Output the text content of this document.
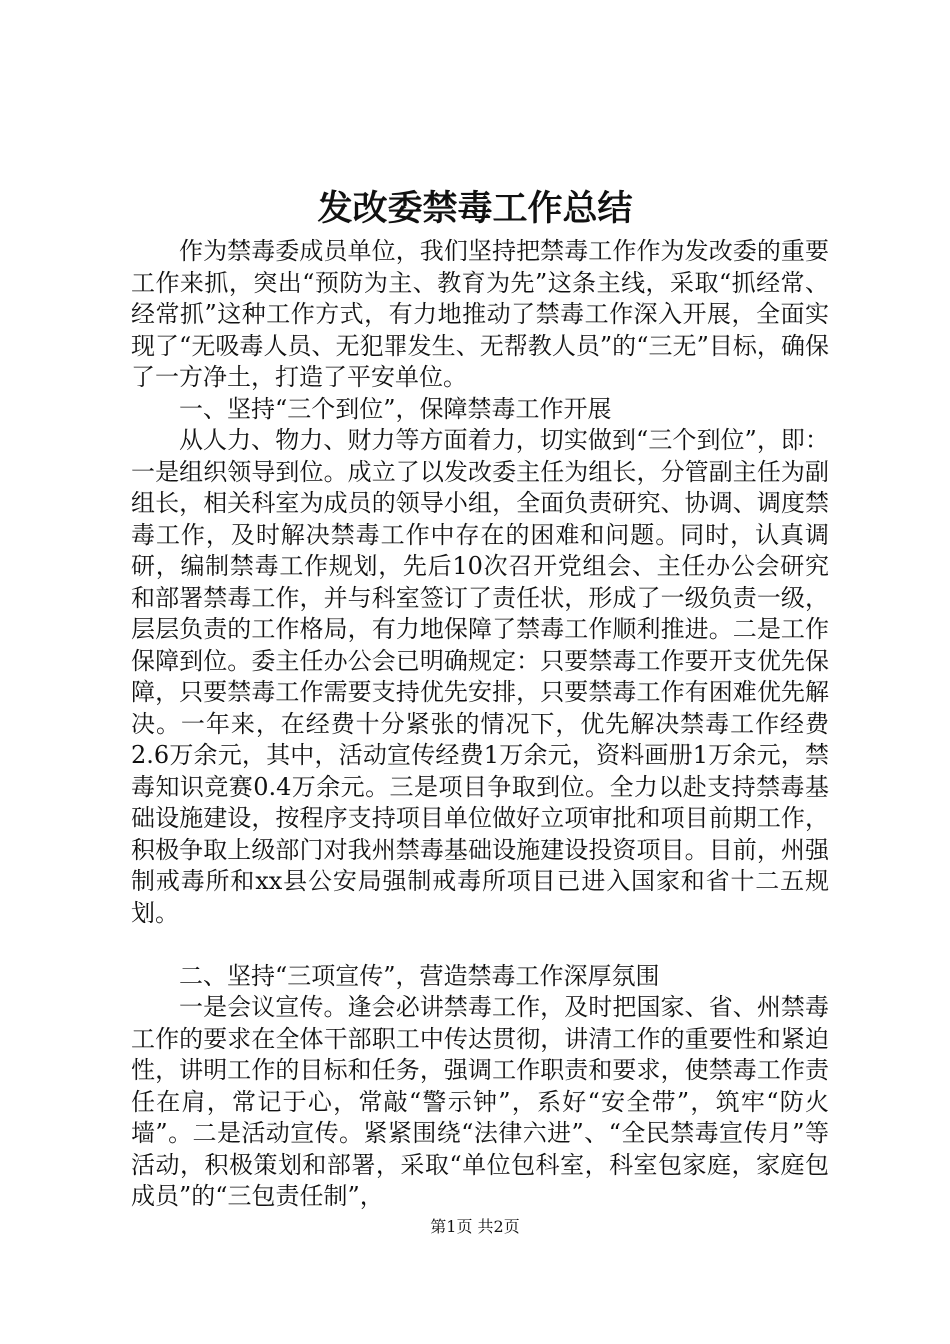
发改委禁毒工作总结

作为禁毒委成员单位，我们坚持把禁毒工作作为发改委的重要工作来抓，突出“预防为主、教育为先”这条主线，采取“抓经常、经常抓”这种工作方式，有力地推动了禁毒工作深入开展，全面实现了“无吸毒人员、无犯罪发生、无帮教人员”的“三无”目标，确保了一方净土，打造了平安单位。

一、坚持“三个到位”，保障禁毒工作开展

从人力、物力、财力等方面着力，切实做到“三个到位”，即：一是组织领导到位。成立了以发改委主任为组长，分管副主任为副组长，相关科室为成员的领导小组，全面负责研究、协调、调度禁毒工作，及时解决禁毒工作中存在的困难和问题。同时，认真调研，编制禁毒工作规划，先后10次召开党组会、主任办公会研究和部署禁毒工作，并与科室签订了责任状，形成了一级负责一级，层层负责的工作格局，有力地保障了禁毒工作顺利推进。二是工作保障到位。委主任办公会已明确规定：只要禁毒工作要开支优先保障，只要禁毒工作需要支持优先安排，只要禁毒工作有困难优先解决。一年来，在经费十分紧张的情况下，优先解决禁毒工作经费2.6万余元，其中，活动宣传经费1万余元，资料画册1万余元，禁毒知识竞赛0.4万余元。三是项目争取到位。全力以赴支持禁毒基础设施建设，按程序支持项目单位做好立项审批和项目前期工作，积极争取上级部门对我州禁毒基础设施建设投资项目。目前，州强制戒毒所和xx县公安局强制戒毒所项目已进入国家和省十二五规划。

二、坚持“三项宣传”，营造禁毒工作深厚氛围

一是会议宣传。逢会必讲禁毒工作，及时把国家、省、州禁毒工作的要求在全体干部职工中传达贯彻，讲清工作的重要性和紧迫性，讲明工作的目标和任务，强调工作职责和要求，使禁毒工作责任在肩，常记于心，常敲“警示钟”，系好“安全带”，筑牢“防火墙”。二是活动宣传。紧紧围绕“法律六进”、“全民禁毒宣传月”等活动，积极策划和部署，采取“单位包科室，科室包家庭，家庭包成员”的“三包责任制”，

第1页 共2页
